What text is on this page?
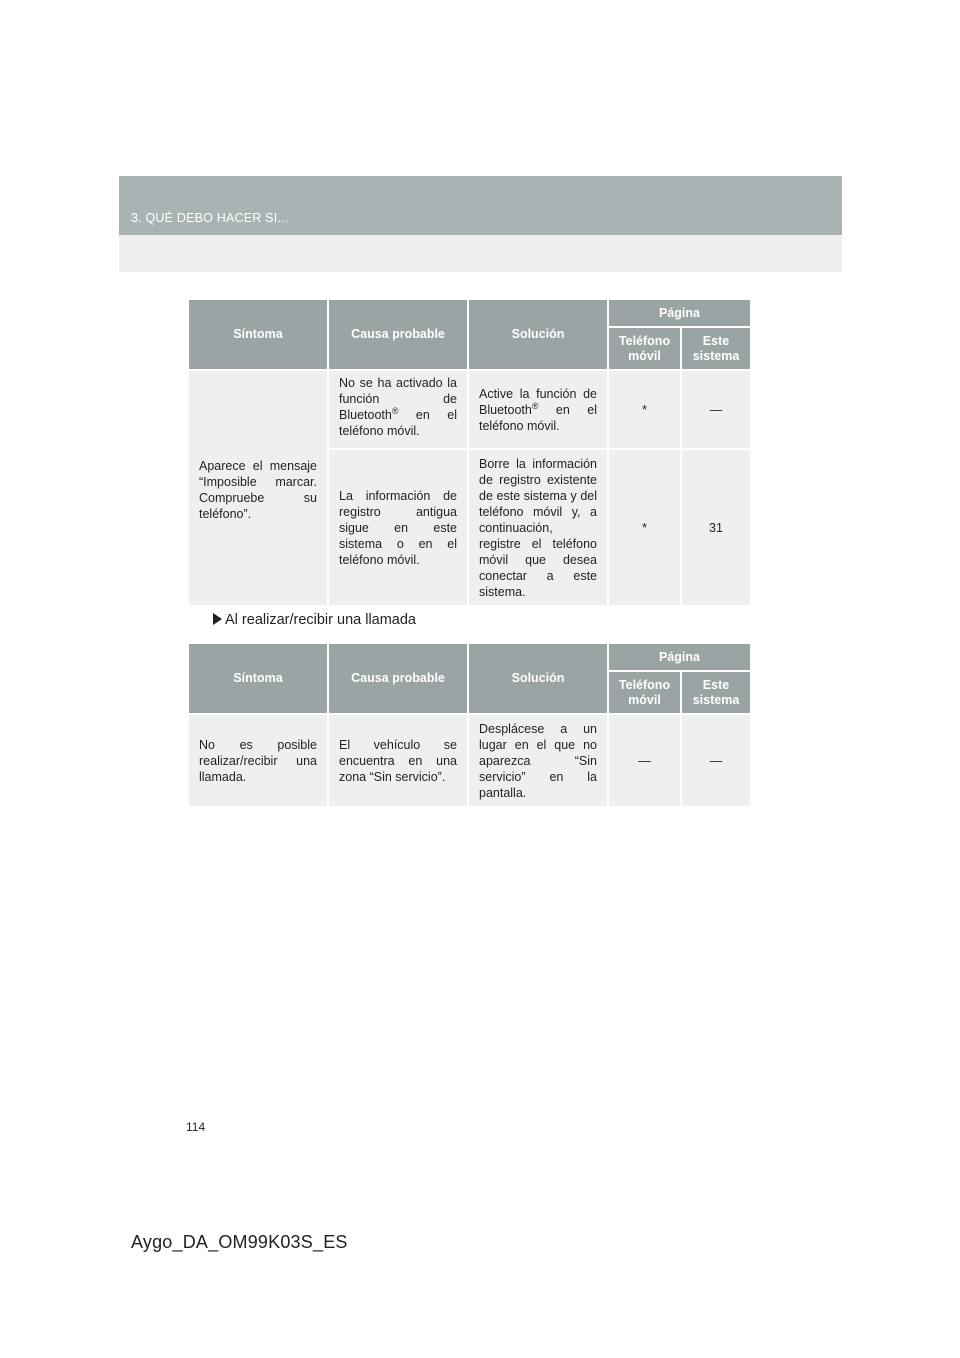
3. QUÉ DEBO HACER SI...
Síntoma	Causa probable	Solución	Página	
			Teléfono móvil	Este sistema
Aparece el mensaje “Imposible marcar. Compruebe su teléfono”.	No se ha activado la función de Bluetooth® en el teléfono móvil.	Active la función de Bluetooth® en el teléfono móvil.	*	—
	La información de registro antigua sigue en este sistema o en el teléfono móvil.	Borre la información de registro existente de este sistema y del teléfono móvil y, a continuación, registre el teléfono móvil que desea conectar a este sistema.	*	31
Al realizar/recibir una llamada
Síntoma	Causa probable	Solución	Página	
			Teléfono móvil	Este sistema
No es posible realizar/recibir una llamada.	El vehículo se encuentra en una zona “Sin servicio”.	Desplácese a un lugar en el que no aparezca “Sin servicio” en la pantalla.	—	—
114
Aygo_DA_OM99K03S_ES
